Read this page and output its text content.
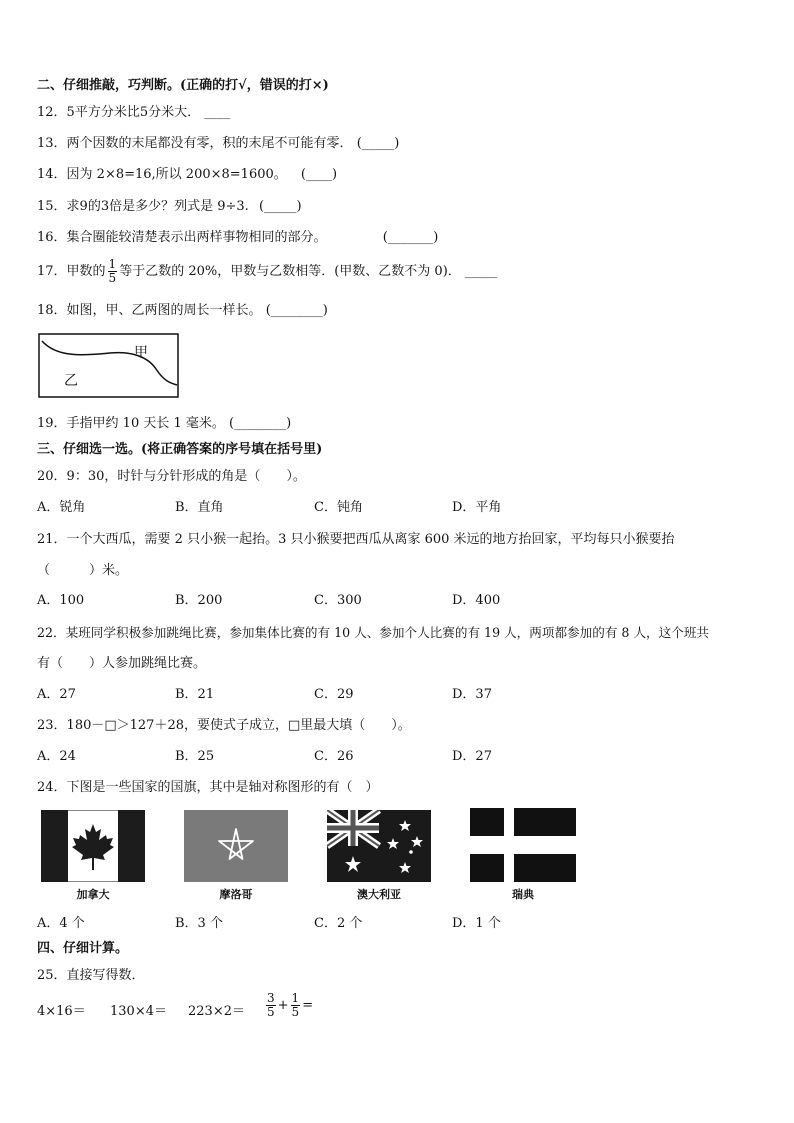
二、仔细推敲，巧判断。(正确的打√，错误的打×)
12．5平方分米比5分米大． ____
13．两个因数的末尾都没有零，积的末尾不可能有零． (_____)
14．因为 2×8=16,所以 200×8=1600。 (____)
15．求9的3倍是多少？列式是 9÷3. (_____)
16．集合圈能较清楚表示出两样事物相同的部分。	(_______)
17．甲数的 $\frac{1}{5}$ 等于乙数的 20%，甲数与乙数相等．(甲数、乙数不为 0)． _____
18．如图，甲、乙两图的周长一样长。 (________)
甲
乙
19．手指甲约 10 天长 1 毫米。 (________)
三、仔细选一选。(将正确答案的序号填在括号里)
20．9：30，时针与分针形成的角是（　　）。
A．锐角	B．直角	C．钝角	D．平角
21．一个大西瓜，需要 2 只小猴一起抬。3 只小猴要把西瓜从离家 600 米远的地方抬回家，平均每只小猴要抬
（　　　）米。
A．100	B．200	C．300	D．400
22．某班同学积极参加跳绳比赛，参加集体比赛的有 10 人、参加个人比赛的有 19 人，两项都参加的有 8 人，这个班共
有（　　）人参加跳绳比赛。
A．27	B．21	C．29	D．37
23．180－□＞127＋28，要使式子成立，□里最大填（　　）。
A．24	B．25	C．26	D．27
24．下图是一些国家的国旗，其中是轴对称图形的有（　）
加拿大	摩洛哥	澳大利亚	瑞典
A．4 个	B．3 个	C．2 个	D．1 个
四、仔细计算。
25．直接写得数．
$4\times 16= 130\times 4= 223\times 2= \frac{3}{5} + \frac{1}{5}$ =
